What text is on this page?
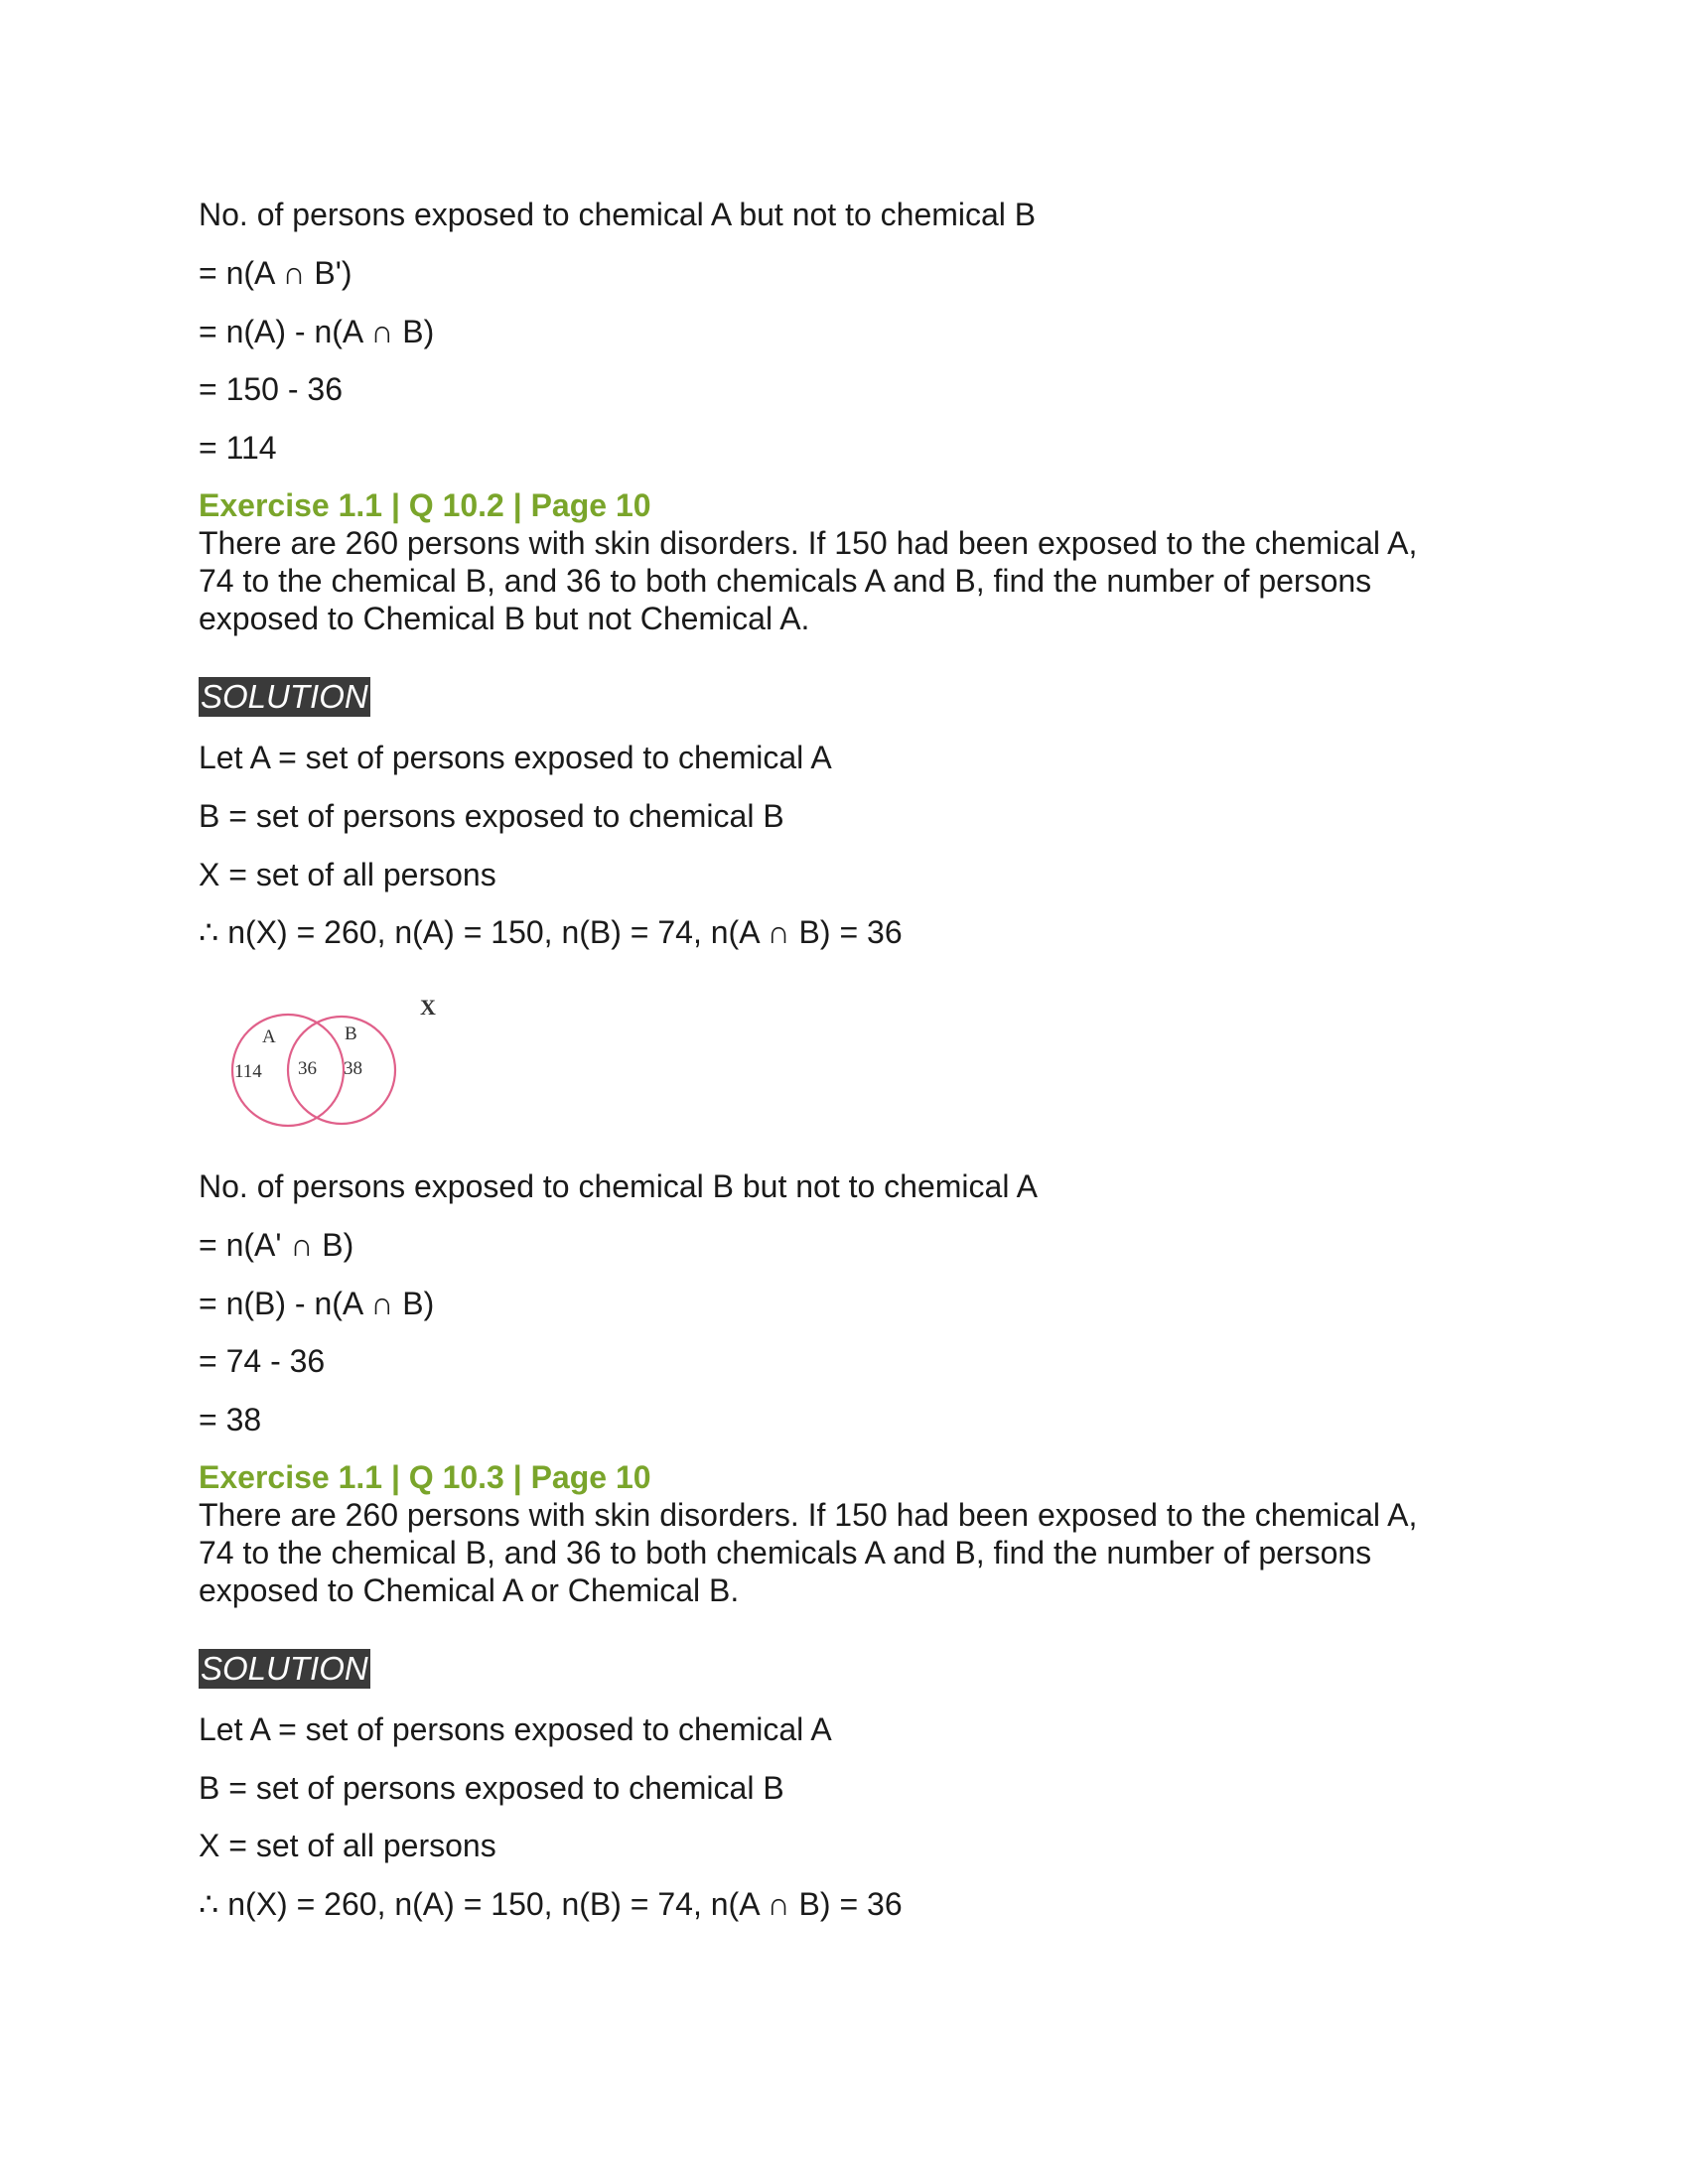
No. of persons exposed to chemical A but not to chemical B
= n(A ∩ B')
= n(A) - n(A ∩ B)
= 150 - 36
= 114
Exercise 1.1 | Q 10.2 | Page 10
There are 260 persons with skin disorders. If 150 had been exposed to the chemical A,
74 to the chemical B, and 36 to both chemicals A and B, find the number of persons
exposed to Chemical B but not Chemical A.
SOLUTION
Let A = set of persons exposed to chemical A
B = set of persons exposed to chemical B
X = set of all persons
∴ n(X) = 260, n(A) = 150, n(B) = 74, n(A ∩ B) = 36
X
A	B
114 36 38
No. of persons exposed to chemical B but not to chemical A
= n(A' ∩ B)
= n(B) - n(A ∩ B)
= 74 - 36
= 38
Exercise 1.1 | Q 10.3 | Page 10
There are 260 persons with skin disorders. If 150 had been exposed to the chemical A,
74 to the chemical B, and 36 to both chemicals A and B, find the number of persons
exposed to Chemical A or Chemical B.
SOLUTION
Let A = set of persons exposed to chemical A
B = set of persons exposed to chemical B
X = set of all persons
∴ n(X) = 260, n(A) = 150, n(B) = 74, n(A ∩ B) = 36
